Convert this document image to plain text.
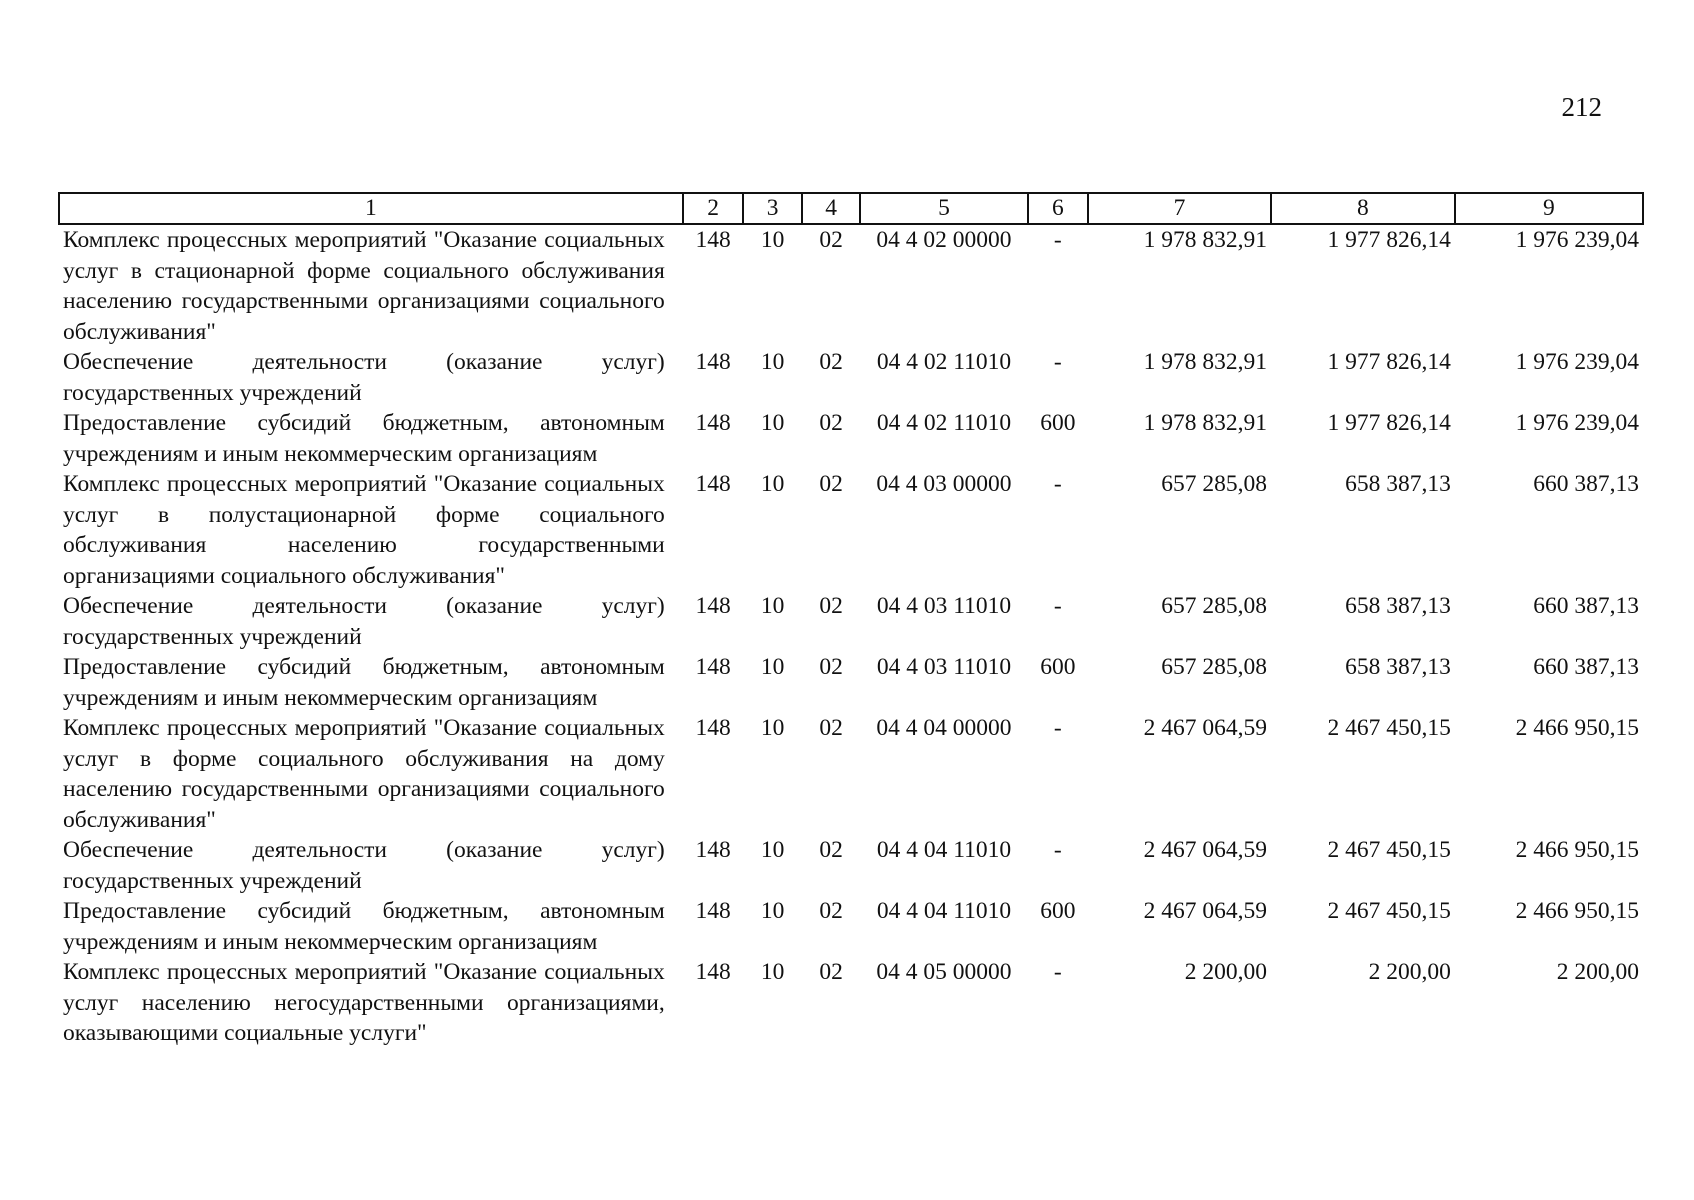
212
1	2	3	4	5	6	7	8	9
Комплекс процессных мероприятий "Оказание социальных услуг в стационарной форме социального обслуживания населению государственными организациями социального обслуживания"	148	10	02	04 4 02 00000	-	1 978 832,91	1 977 826,14	1 976 239,04
Обеспечение деятельности (оказание услуг) государственных учреждений	148	10	02	04 4 02 11010	-	1 978 832,91	1 977 826,14	1 976 239,04
Предоставление субсидий бюджетным, автономным учреждениям и иным некоммерческим организациям	148	10	02	04 4 02 11010	600	1 978 832,91	1 977 826,14	1 976 239,04
Комплекс процессных мероприятий "Оказание социальных услуг в полустационарной форме социального обслуживания населению государственными организациями социального обслуживания"	148	10	02	04 4 03 00000	-	657 285,08	658 387,13	660 387,13
Обеспечение деятельности (оказание услуг) государственных учреждений	148	10	02	04 4 03 11010	-	657 285,08	658 387,13	660 387,13
Предоставление субсидий бюджетным, автономным учреждениям и иным некоммерческим организациям	148	10	02	04 4 03 11010	600	657 285,08	658 387,13	660 387,13
Комплекс процессных мероприятий "Оказание социальных услуг в форме социального обслуживания на дому населению государственными организациями социального обслуживания"	148	10	02	04 4 04 00000	-	2 467 064,59	2 467 450,15	2 466 950,15
Обеспечение деятельности (оказание услуг) государственных учреждений	148	10	02	04 4 04 11010	-	2 467 064,59	2 467 450,15	2 466 950,15
Предоставление субсидий бюджетным, автономным учреждениям и иным некоммерческим организациям	148	10	02	04 4 04 11010	600	2 467 064,59	2 467 450,15	2 466 950,15
Комплекс процессных мероприятий "Оказание социальных услуг населению негосударственными организациями, оказывающими социальные услуги"	148	10	02	04 4 05 00000	-	2 200,00	2 200,00	2 200,00
